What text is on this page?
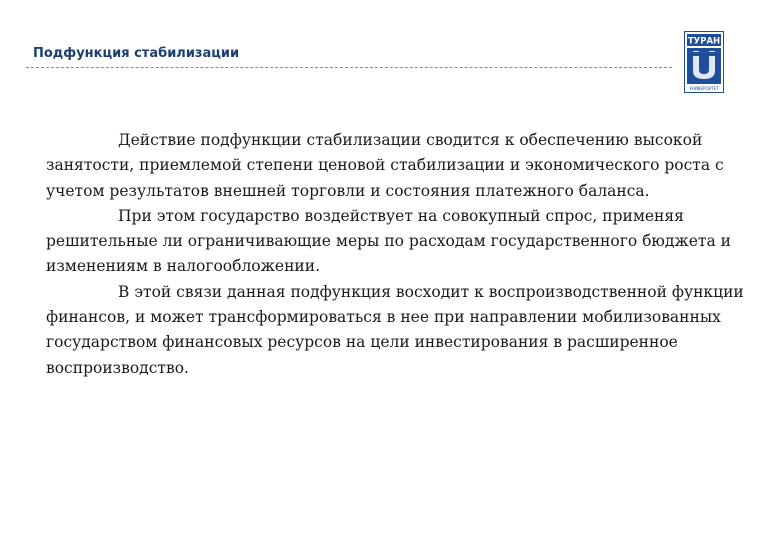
Подфункция стабилизации
ТУРАН
УНИВЕРСИТЕТ

Действие подфункции стабилизации сводится к обеспечению высокой занятости, приемлемой степени ценовой стабилизации и экономического роста с учетом результатов внешней торговли и состояния платежного баланса.

При этом государство воздействует на совокупный спрос, применяя решительные ли ограничивающие меры по расходам государственного бюджета и изменениям в налогообложении.

В этой связи данная подфункция восходит к воспроизводственной функции финансов, и может трансформироваться в нее при направлении мобилизованных государством финансовых ресурсов на цели инвестирования в расширенное воспроизводство.
